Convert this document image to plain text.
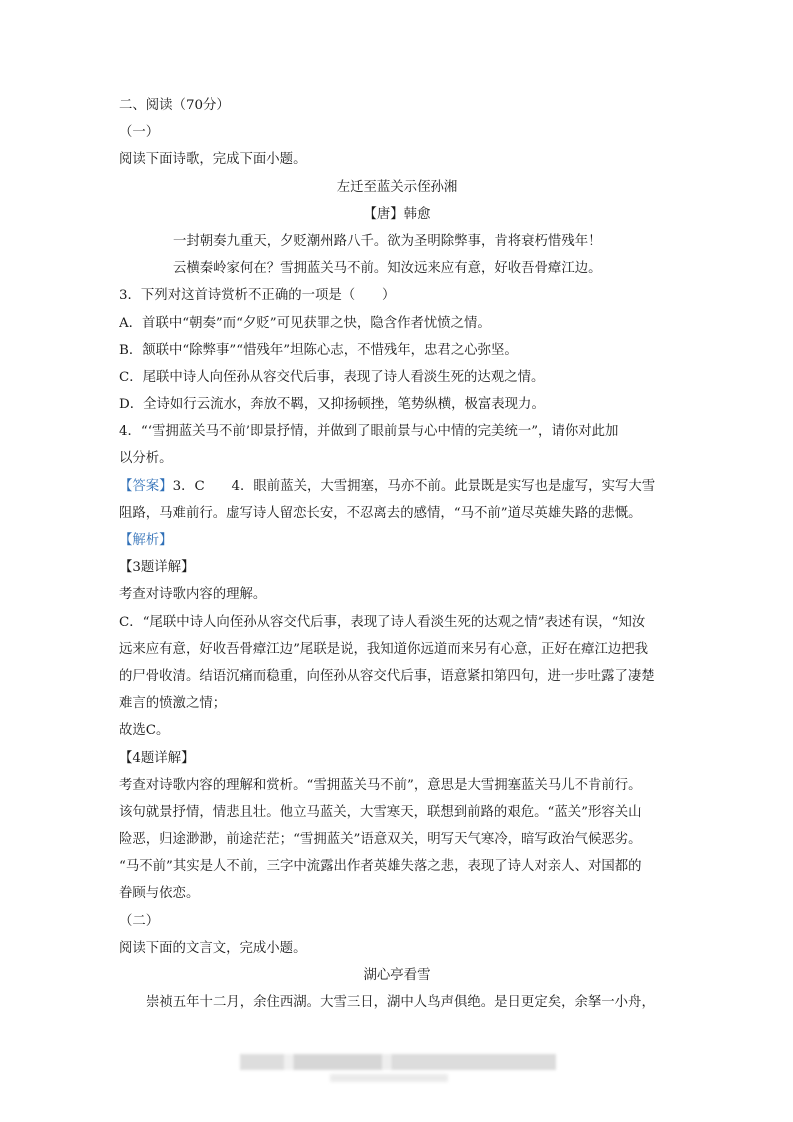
二、阅读（70分）
（一）
阅读下面诗歌，完成下面小题。
左迁至蓝关示侄孙湘
【唐】韩愈
一封朝奏九重天，夕贬潮州路八千。欲为圣明除弊事，肯将衰朽惜残年！
云横秦岭家何在？雪拥蓝关马不前。知汝远来应有意，好收吾骨瘴江边。
3．下列对这首诗赏析不正确的一项是（　　）
A．首联中“朝奏”而“夕贬”可见获罪之快，隐含作者忧愤之情。
B．颔联中“除弊事”“惜残年”坦陈心志，不惜残年，忠君之心弥坚。
C．尾联中诗人向侄孙从容交代后事，表现了诗人看淡生死的达观之情。
D．全诗如行云流水，奔放不羁，又抑扬顿挫，笔势纵横，极富表现力。
4．“‘雪拥蓝关马不前’即景抒情，并做到了眼前景与心中情的完美统一”，请你对此加
以分析。
【答案】3．C　　4．眼前蓝关，大雪拥塞，马亦不前。此景既是实写也是虚写，实写大雪
阻路，马难前行。虚写诗人留恋长安，不忍离去的感情，“马不前”道尽英雄失路的悲慨。
【解析】
【3题详解】
考查对诗歌内容的理解。
C．“尾联中诗人向侄孙从容交代后事，表现了诗人看淡生死的达观之情”表述有误，“知汝
远来应有意，好收吾骨瘴江边”尾联是说，我知道你远道而来另有心意，正好在瘴江边把我
的尸骨收清。结语沉痛而稳重，向侄孙从容交代后事，语意紧扣第四句，进一步吐露了凄楚
难言的愤激之情；
故选C。
【4题详解】
考查对诗歌内容的理解和赏析。“雪拥蓝关马不前”，意思是大雪拥塞蓝关马儿不肯前行。
该句就景抒情，情悲且壮。他立马蓝关，大雪寒天，联想到前路的艰危。“蓝关”形容关山
险恶，归途渺渺，前途茫茫；“雪拥蓝关”语意双关，明写天气寒冷，暗写政治气候恶劣。
“马不前”其实是人不前，三字中流露出作者英雄失落之悲，表现了诗人对亲人、对国都的
眷顾与依恋。
（二）
阅读下面的文言文，完成小题。
湖心亭看雪
崇祯五年十二月，余住西湖。大雪三日，湖中人鸟声俱绝。是日更定矣，余拏一小舟，
